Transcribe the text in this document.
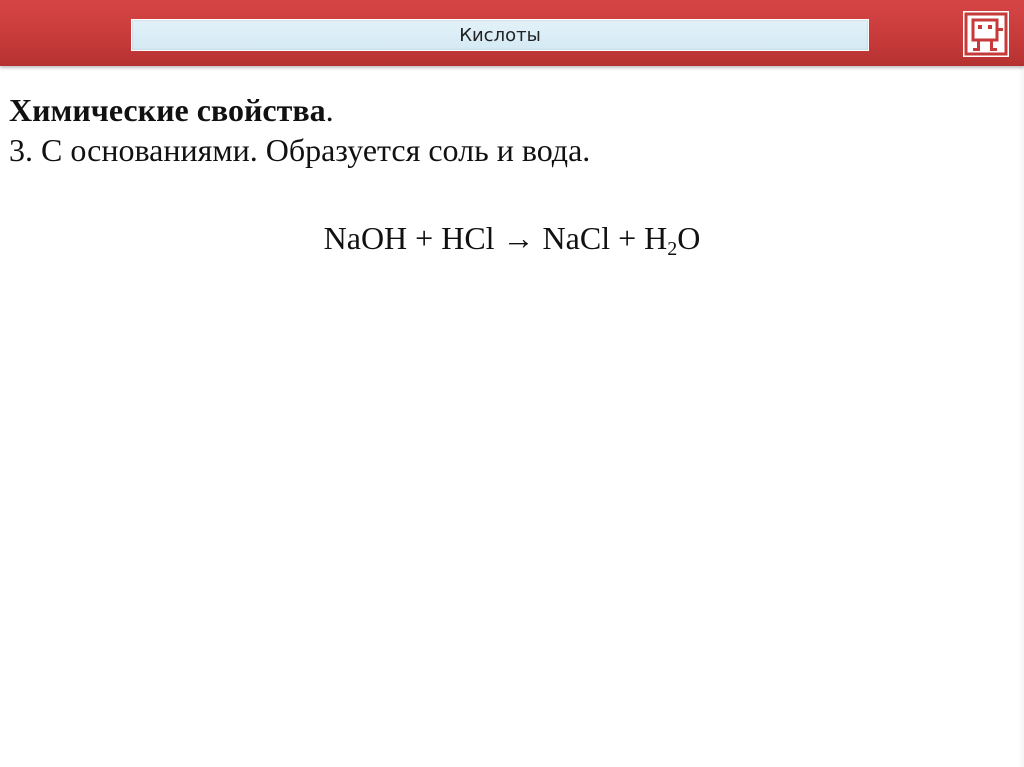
Кислоты

Химические свойства.

3. С основаниями. Образуется соль и вода.

NaOH + HCl → NaCl + $H_2O$
